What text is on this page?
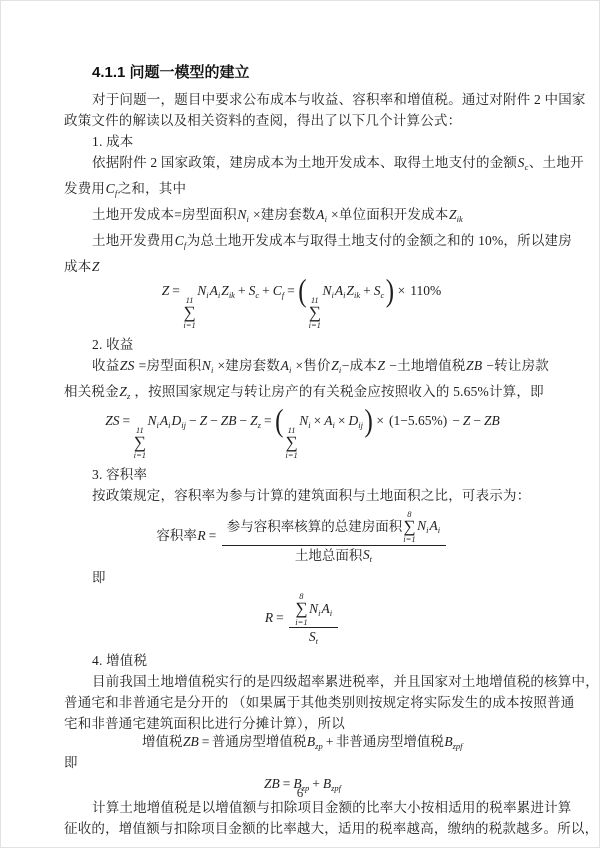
4.1.1 问题一模型的建立
对于问题一，题目中要求公布成本与收益、容积率和增值税。通过对附件 2 中国家
政策文件的解读以及相关资料的查阅，得出了以下几个计算公式：
1. 成本
依据附件 2 国家政策，建房成本为土地开发成本、取得土地支付的金额$S_c$、土地开
发费用$C_f$之和，其中
土地开发成本=房型面积$N_i$ ×建房套数$A_i$ ×单位面积开发成本$Z_{ik}$
土地开发费用$C_f$为总土地开发成本与取得土地支付的金额之和的 10%，所以建房
成本Z
Z =
11
∑
i=1
$N_iA_iZ_{ik} + S_c + C_f$ = ( 11
∑
i=1
$N_iA_iZ_{ik} + S_c) \times 110\%$
2. 收益
收益ZS =房型面积$N_i$ ×建房套数$A_i$ ×售价$Z_i-$成本Z −土地增值税ZB −转让房款
相关税金$Z_z$ ，按照国家规定与转让房产的有关税金应按照收入的 5.65%计算，即
ZS =
11
∑
i=1
$N_iA_iD_{ij} - Z$ − ZB − $Z_z$ = ( 11
∑
i=1
$N_i \times A_i \times D_{ij}) \times (1-5.65\%) - Z$ − ZB
3. 容积率
按政策规定，容积率为参与计算的建筑面积与土地面积之比，可表示为：
容积率R = 参与容积率核算的总建房面积
8
∑
i=1
$N_i$ $A_i$
土地总面积 $S_t$
即
R = 8
∑
i=1
$N_i$ $A_i$
$S_t$
4. 增值税
目前我国土地增值税实行的是四级超率累进税率，并且国家对土地增值税的核算中，
普通宅和非普通宅是分开的 （如果属于其他类别则按规定将实际发生的成本按照普通
宅和非普通宅建筑面积比进行分摊计算），所以
增值税ZB = 普通房型增值税$B_{zp}$ + 非普通房型增值税$B_{zpf}$
即
ZB = $B_{zp} + B_{zpf}$
计算土地增值税是以增值额与扣除项目金额的比率大小按相适用的税率累进计算
征收的，增值额与扣除项目金额的比率越大，适用的税率越高，缴纳的税款越多。所以，
6
